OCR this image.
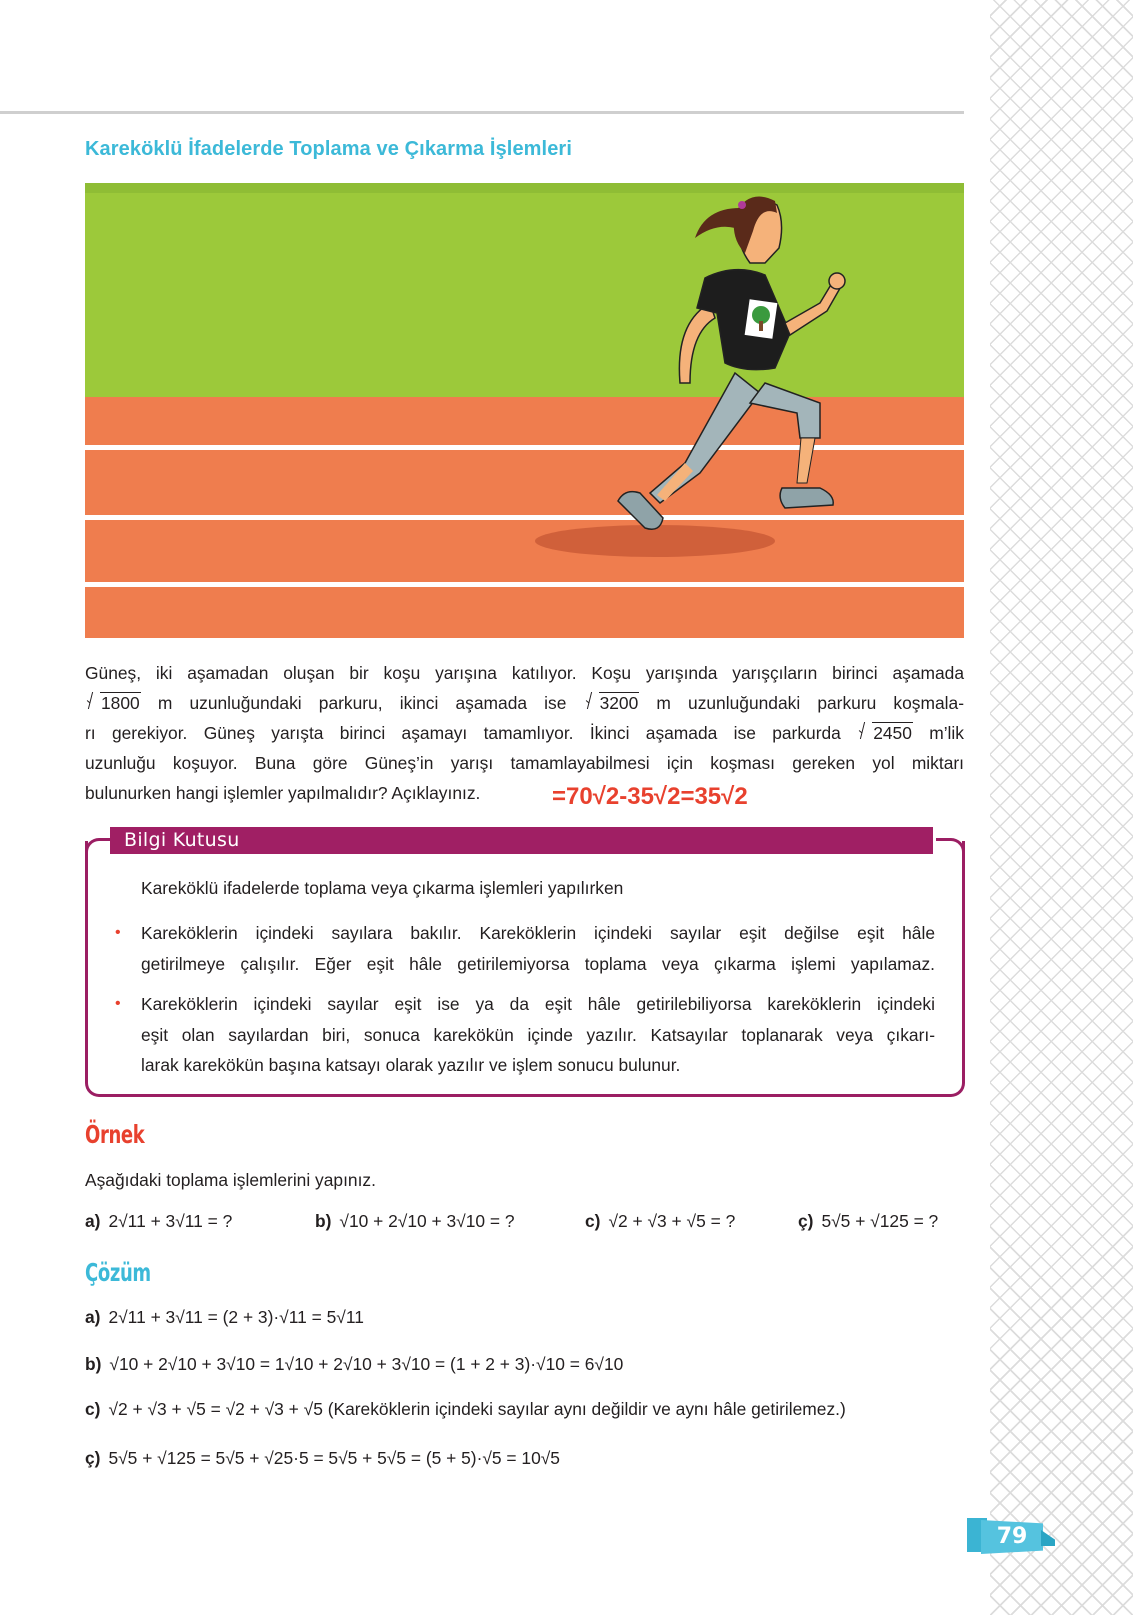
Kareköklü İfadelerde Toplama ve Çıkarma İşlemleri
Güneş, iki aşamadan oluşan bir koşu yarışına katılıyor. Koşu yarışında yarışçıların birinci aşamada
1800 m uzunluğundaki parkuru, ikinci aşamada ise 3200 m uzunluğundaki parkuru koşmala-
rı gerekiyor. Güneş yarışta birinci aşamayı tamamlıyor. İkinci aşamada ise parkurda 2450 m’lik
uzunluğu koşuyor. Buna göre Güneş’in yarışı tamamlayabilmesi için koşması gereken yol miktarı
bulunurken hangi işlemler yapılmalıdır? Açıklayınız.	=70√2-35√2=35√2
Bilgi Kutusu
Kareköklü ifadelerde toplama veya çıkarma işlemleri yapılırken
• Kareköklerin içindeki sayılara bakılır. Kareköklerin içindeki sayılar eşit değilse eşit hâle
getirilmeye çalışılır. Eğer eşit hâle getirilemiyorsa toplama veya çıkarma işlemi yapılamaz.
• Kareköklerin içindeki sayılar eşit ise ya da eşit hâle getirilebiliyorsa kareköklerin içindeki
eşit olan sayılardan biri, sonuca karekökün içinde yazılır. Katsayılar toplanarak veya çıkarı-
larak karekökün başına katsayı olarak yazılır ve işlem sonucu bulunur.
Örnek
Aşağıdaki toplama işlemlerini yapınız.
a) 2√11 + 3√11 = ?	b) √10 + 2√10 + 3√10 = ?	c) √2 + √3 + √5 = ?	ç) 5√5 + √125 = ?
Çözüm
a) 2√11 + 3√11 = (2 + 3)·√11 = 5√11
b) √10 + 2√10 + 3√10 = 1√10 + 2√10 + 3√10 = (1 + 2 + 3)·√10 = 6√10
c) √2 + √3 + √5 = √2 + √3 + √5 (Kareköklerin içindeki sayılar aynı değildir ve aynı hâle getirilemez.)
ç) 5√5 + √125 = 5√5 + √25·5 = 5√5 + 5√5 = (5 + 5)·√5 = 10√5
79
